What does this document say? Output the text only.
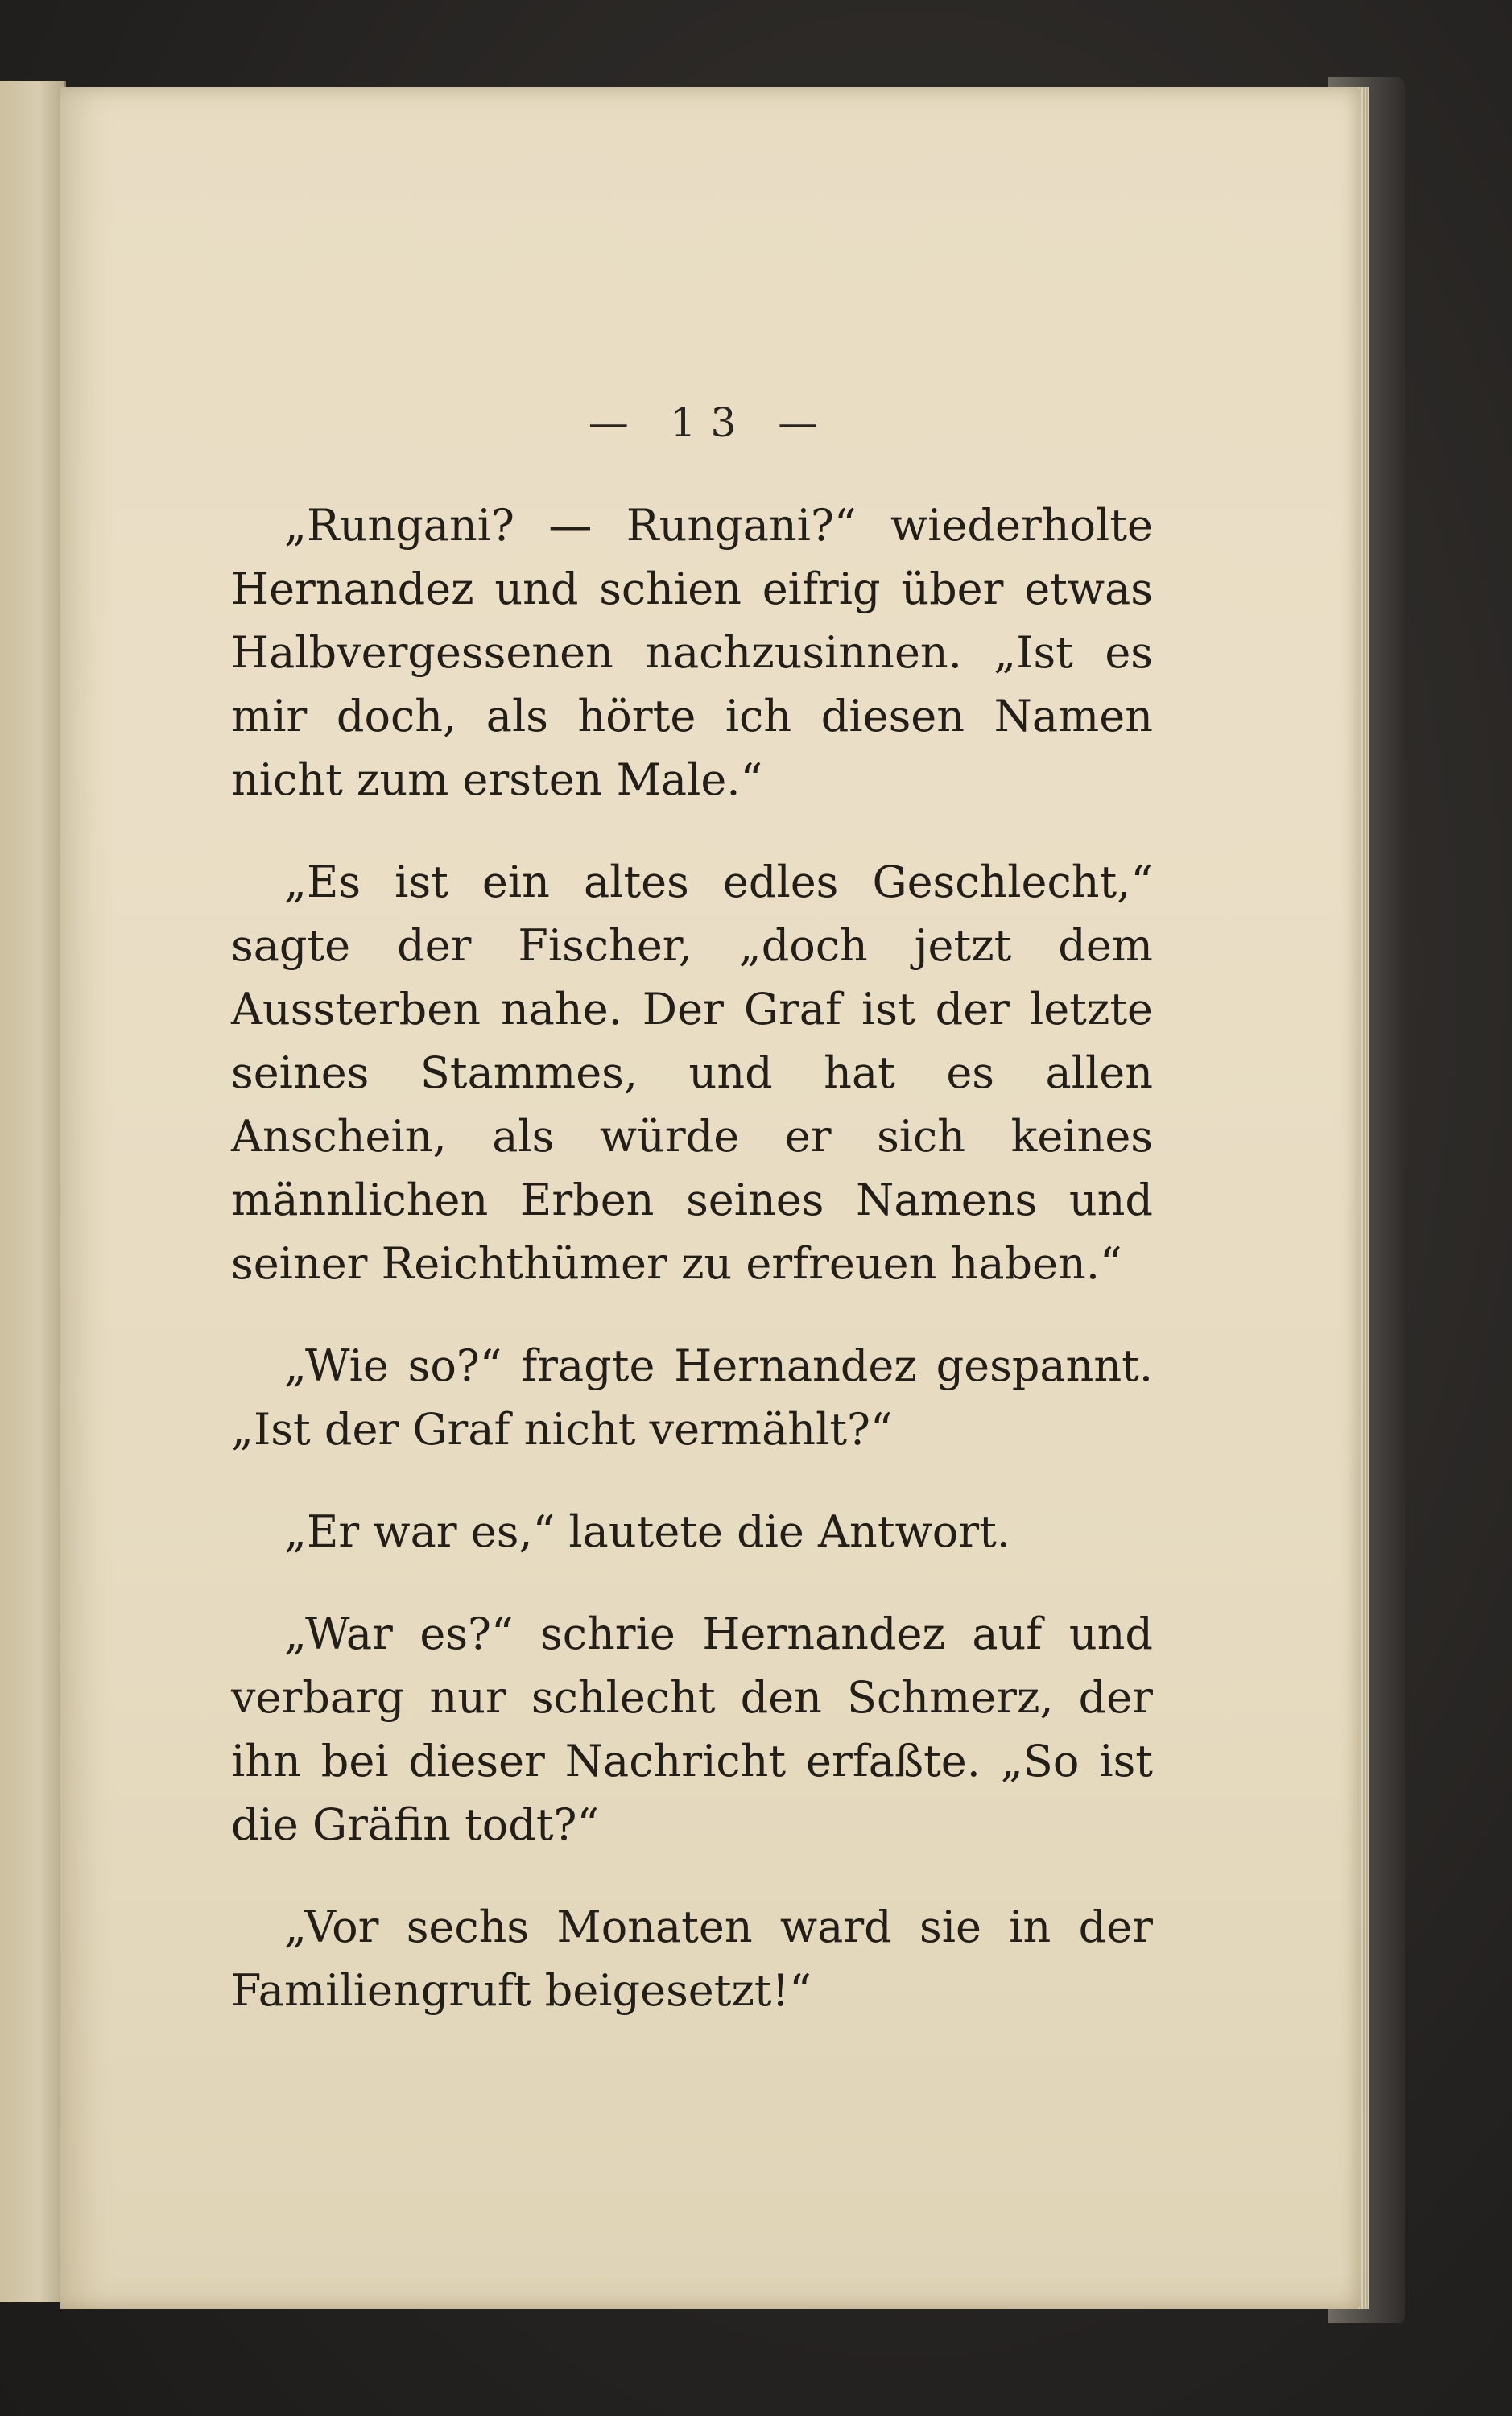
— 13 —

„Rungani? — Rungani?“ wiederholte Hernandez und schien eifrig über etwas Halbvergessenen nachzusinnen. „Ist es mir doch, als hörte ich diesen Namen nicht zum ersten Male.“

„Es ist ein altes edles Geschlecht,“ sagte der Fischer, „doch jetzt dem Aussterben nahe. Der Graf ist der letzte seines Stammes, und hat es allen Anschein, als würde er sich keines männlichen Erben seines Namens und seiner Reichthümer zu erfreuen haben.“

„Wie so?“ fragte Hernandez gespannt. „Ist der Graf nicht vermählt?“

„Er war es,“ lautete die Antwort.

„War es?“ schrie Hernandez auf und verbarg nur schlecht den Schmerz, der ihn bei dieser Nachricht erfaßte. „So ist die Gräfin todt?“

„Vor sechs Monaten ward sie in der Familiengruft beigesetzt!“
